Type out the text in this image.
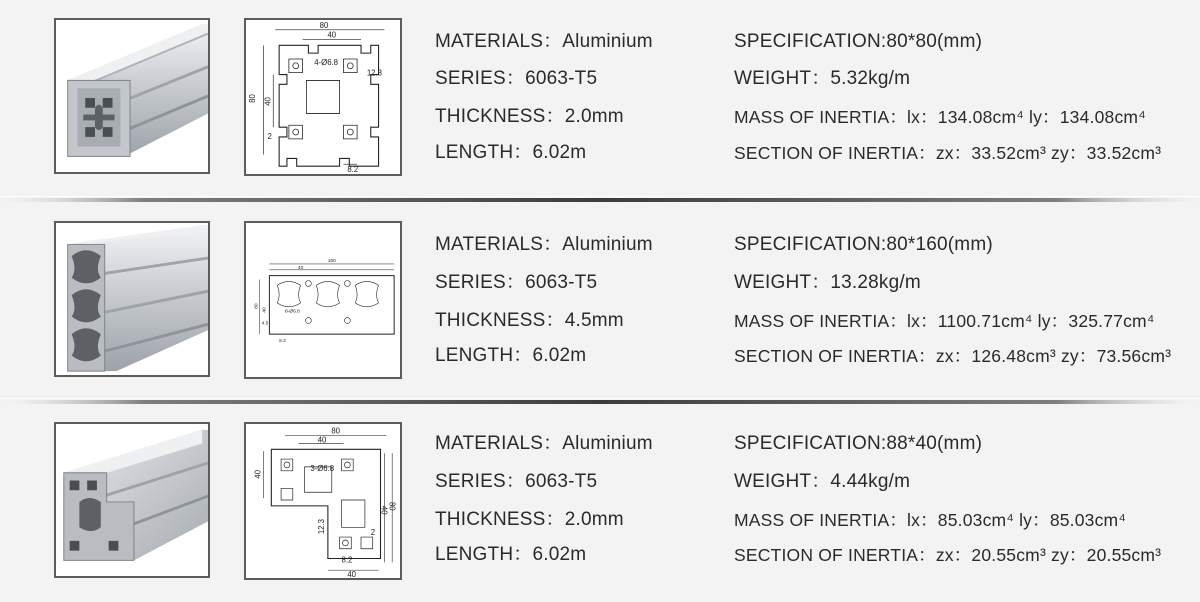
80
40
4-Ø6.8
12.3
8.2
2
80 40
MATERIALS：Aluminium
SERIES：6063-T5
THICKNESS：2.0mm
LENGTH：6.02m
SPECIFICATION:80*80(mm)
WEIGHT：5.32kg/m
MASS OF INERTIA：lx：134.08cm⁴ ly：134.08cm⁴
SECTION OF INERTIA：zx：33.52cm³ zy：33.52cm³
160
40
8-Ø6.8
4.5
8.2
80
40
MATERIALS：Aluminium
SERIES：6063-T5
THICKNESS：4.5mm
LENGTH：6.02m
SPECIFICATION:80*160(mm)
WEIGHT：13.28kg/m
MASS OF INERTIA：lx：1100.71cm⁴ ly：325.77cm⁴
SECTION OF INERTIA：zx：126.48cm³ zy：73.56cm³
80
40
3-Ø6.8
12.3
8.2
40
2
40
40
80
MATERIALS：Aluminium
SERIES：6063-T5
THICKNESS：2.0mm
LENGTH：6.02m
SPECIFICATION:88*40(mm)
WEIGHT：4.44kg/m
MASS OF INERTIA：lx：85.03cm⁴ ly：85.03cm⁴
SECTION OF INERTIA：zx：20.55cm³ zy：20.55cm³
